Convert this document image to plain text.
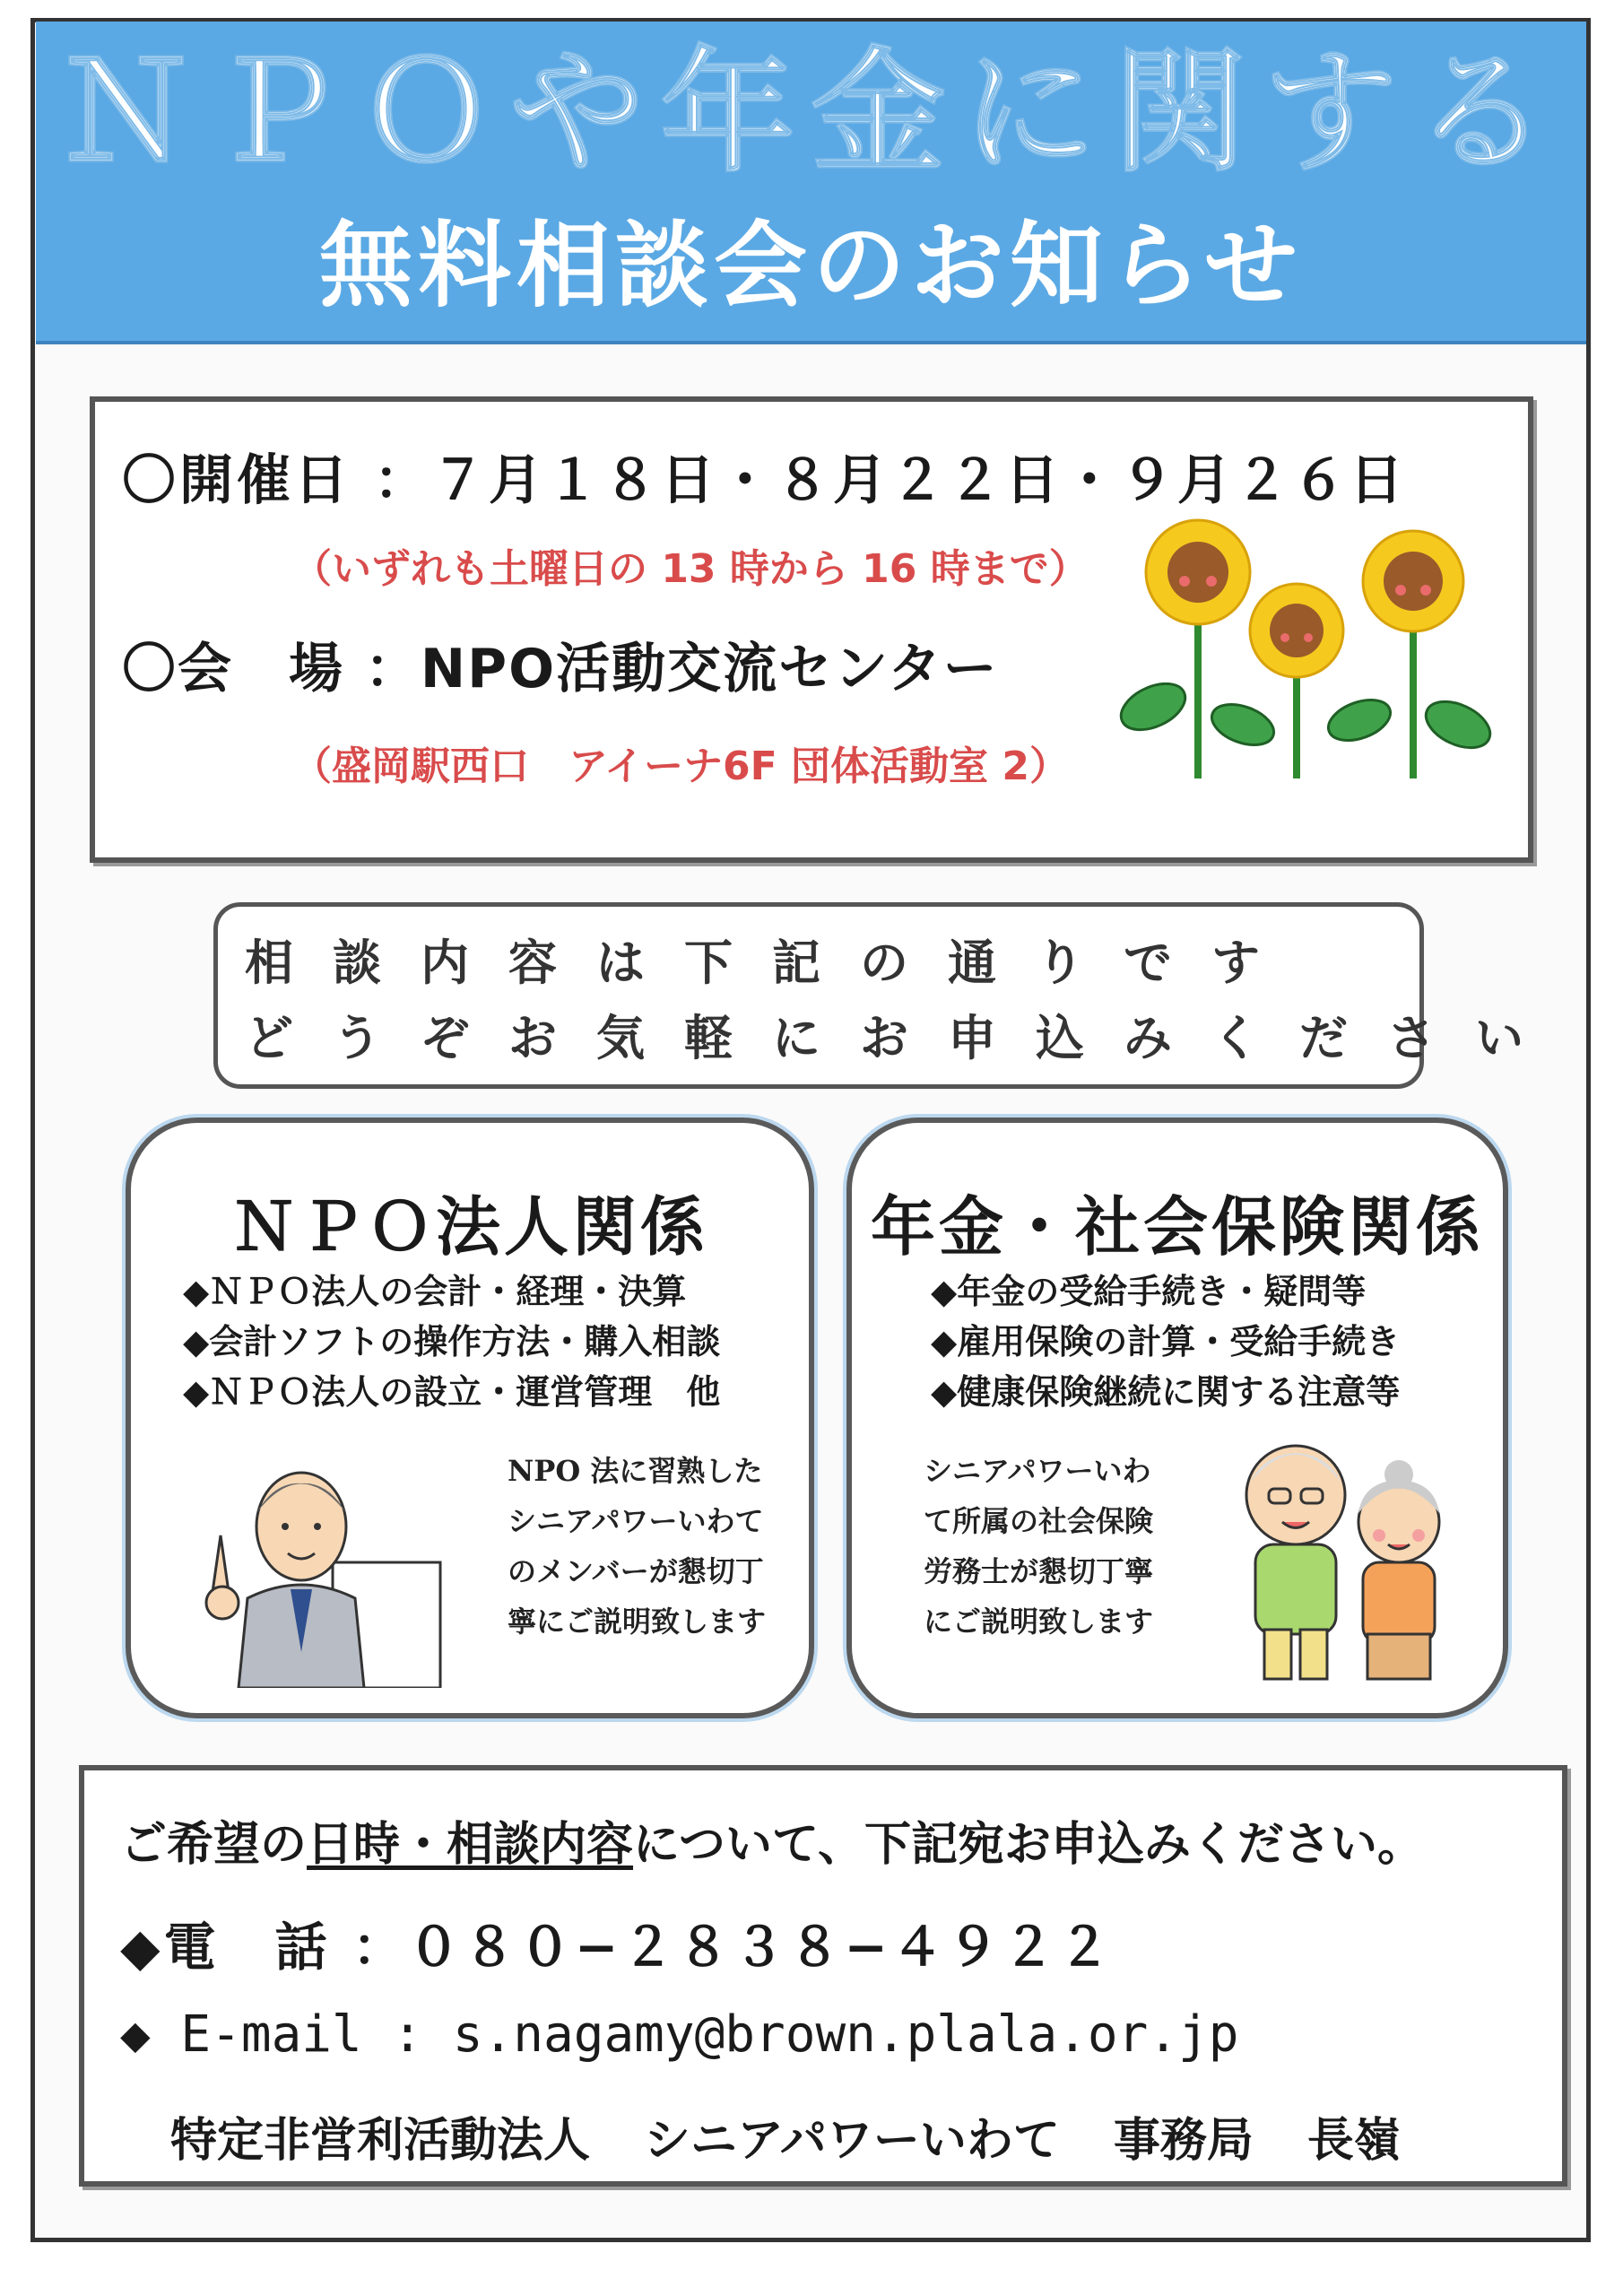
ＮＰＯや年金に関する
無料相談会のお知らせ
〇開催日 ：７月１８日・８月２２日・９月２６日
（いずれも土曜日の 13 時から 16 時まで）
〇会　場 ：NPO活動交流センター
（盛岡駅西口　アイーナ6F 団体活動室 2）
相談内容は下記の通りです
どうぞお気軽にお申込みください
ＮＰＯ法人関係
◆ＮＰＯ法人の会計・経理・決算
◆会計ソフトの操作方法・購入相談
◆ＮＰＯ法人の設立・運営管理　他
NPO 法に習熟した
シニアパワーいわて
のメンバーが懇切丁
寧にご説明致します
年金・社会保険関係
◆年金の受給手続き・疑問等
◆雇用保険の計算・受給手続き
◆健康保険継続に関する注意等
シニアパワーいわ
て所属の社会保険
労務士が懇切丁寧
にご説明致します
ご希望の日時・相談内容について、下記宛お申込みください。
◆電　話 ：０８０−２８３８−４９２２
◆ E-mail : s.nagamy@brown.plala.or.jp
特定非営利活動法人 シニアパワーいわて 事務局 長嶺
